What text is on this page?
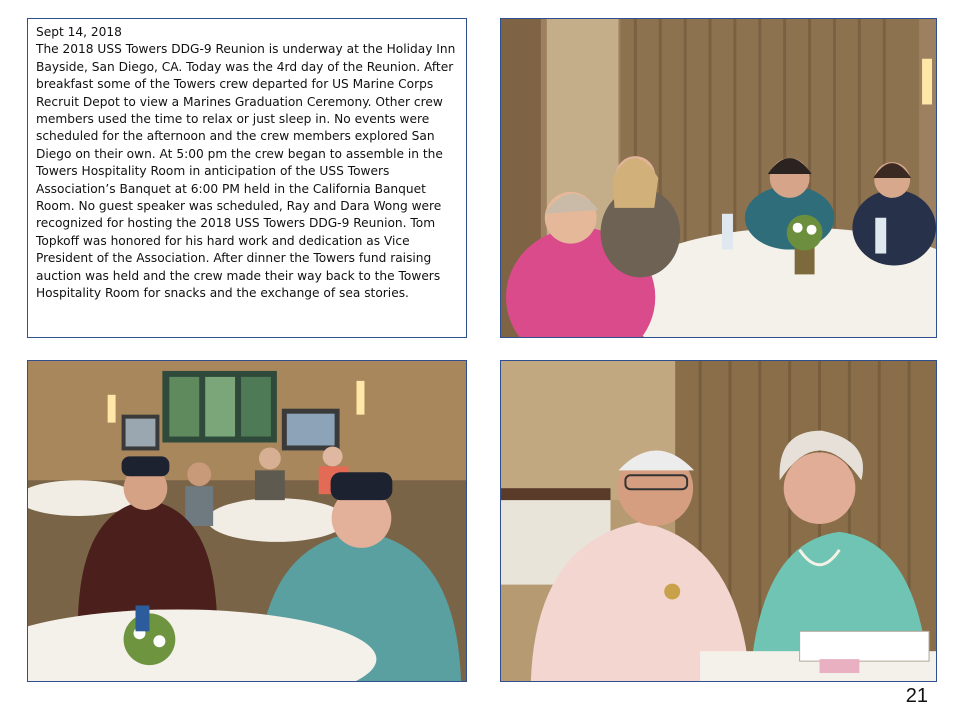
Sept 14, 2018
The 2018 USS Towers DDG-9 Reunion is underway at the Holiday Inn Bayside, San Diego, CA. Today was the 4rd day of the Reunion. After breakfast some of the Towers crew departed for US Marine Corps Recruit Depot to view a Marines Graduation Ceremony. Other crew members used the time to relax or just sleep in. No events were scheduled for the afternoon and the crew members explored San Diego on their own. At 5:00 pm the crew began to assemble in the Towers Hospitality Room in anticipation of the USS Towers Association’s Banquet at 6:00 PM held in the California Banquet Room. No guest speaker was scheduled, Ray and Dara Wong were recognized for hosting the 2018 USS Towers DDG-9 Reunion. Tom Topkoff was honored for his hard work and dedication as Vice President of the Association. After dinner the Towers fund raising auction was held and the crew made their way back to the Towers Hospitality Room for snacks and the exchange of sea stories.
21
